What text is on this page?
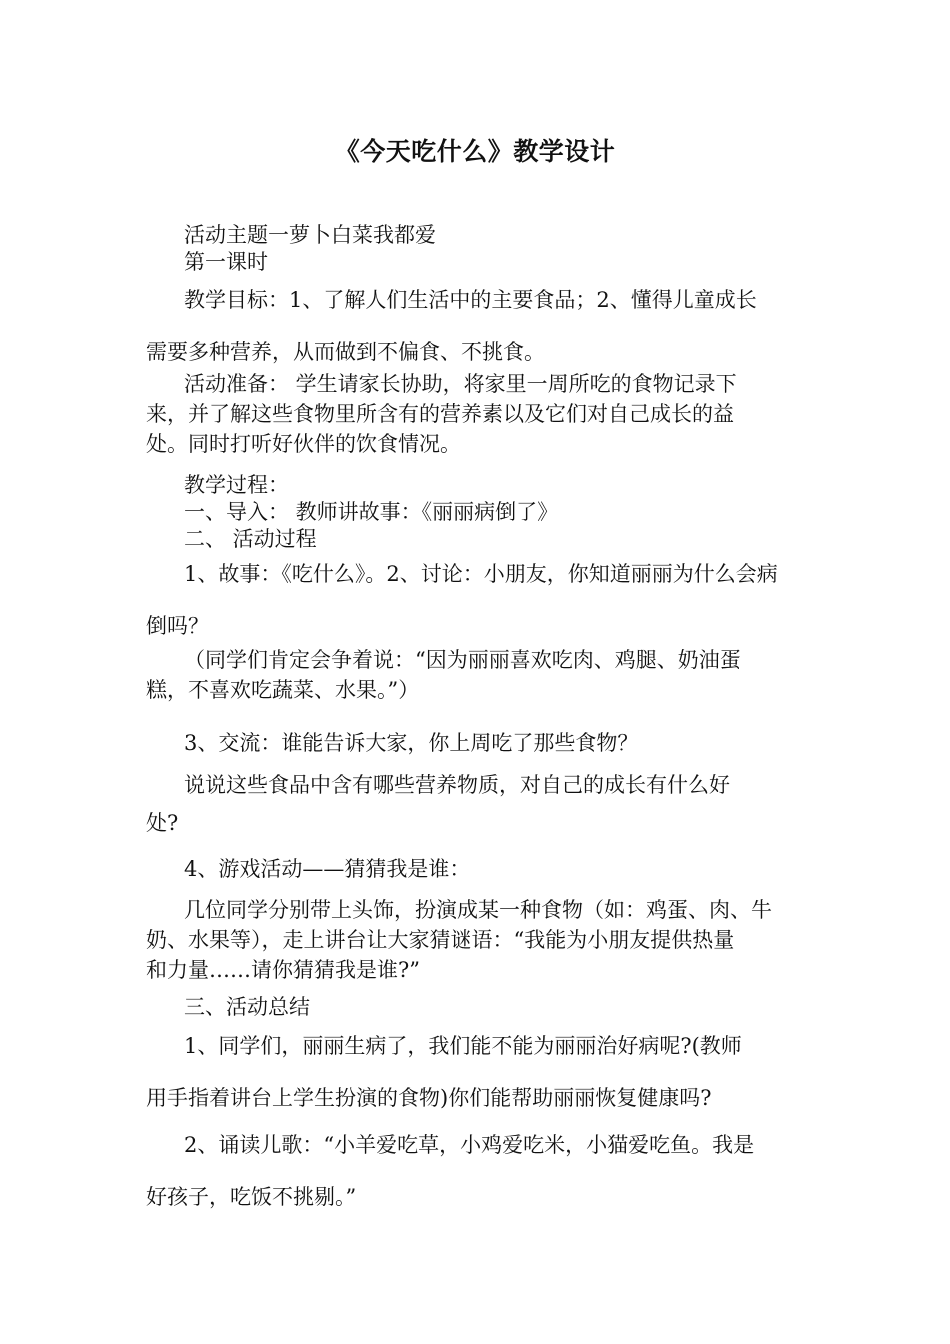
《今天吃什么》教学设计

活动主题一萝卜白菜我都爱
第一课时

教学目标：1、了解人们生活中的主要食品；2、懂得儿童成长
需要多种营养，从而做到不偏食、不挑食。

活动准备： 学生请家长协助，将家里一周所吃的食物记录下
来，并了解这些食物里所含有的营养素以及它们对自己成长的益
处。同时打听好伙伴的饮食情况。

教学过程：
一、导入： 教师讲故事：《丽丽病倒了》
二、 活动过程

1、故事：《吃什么》。2、讨论：小朋友，你知道丽丽为什么会病
倒吗？

（同学们肯定会争着说：“因为丽丽喜欢吃肉、鸡腿、奶油蛋
糕，不喜欢吃蔬菜、水果。”）

3、交流：谁能告诉大家，你上周吃了那些食物？

说说这些食品中含有哪些营养物质，对自己的成长有什么好
处?

4、游戏活动——猜猜我是谁：

几位同学分别带上头饰，扮演成某一种食物（如：鸡蛋、肉、牛
奶、水果等），走上讲台让大家猜谜语：“我能为小朋友提供热量
和力量……请你猜猜我是谁?”

三、活动总结

1、同学们，丽丽生病了，我们能不能为丽丽治好病呢?(教师
用手指着讲台上学生扮演的食物)你们能帮助丽丽恢复健康吗?

2、诵读儿歌：“小羊爱吃草，小鸡爱吃米，小猫爱吃鱼。我是
好孩子，吃饭不挑剔。”
